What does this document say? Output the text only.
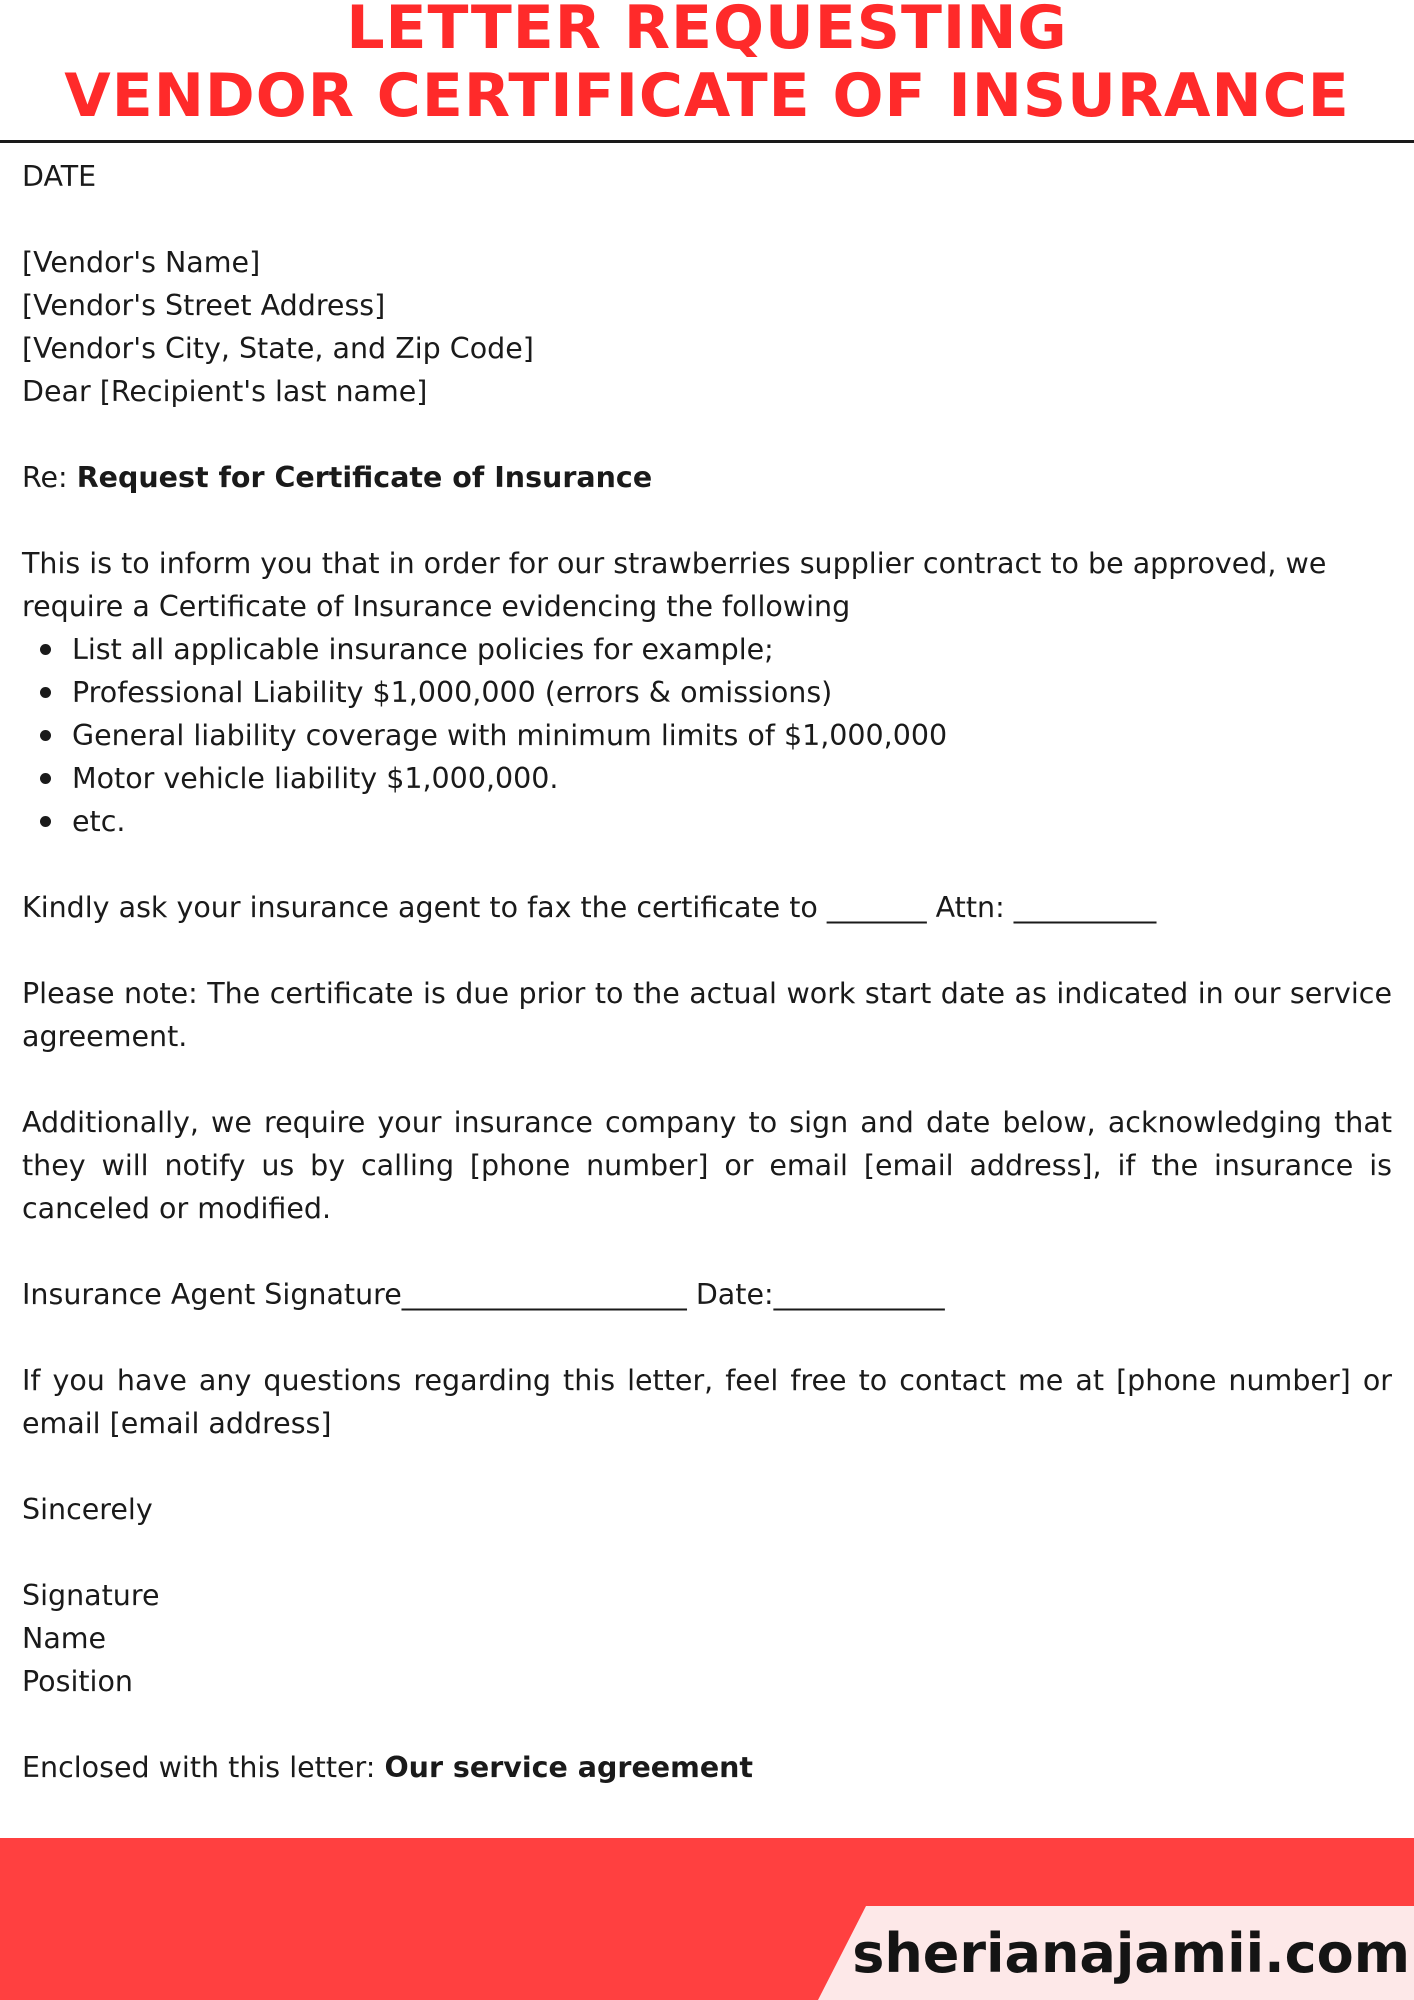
LETTER REQUESTING
VENDOR CERTIFICATE OF INSURANCE

DATE

[Vendor's Name]

[Vendor's Street Address]

[Vendor's City, State, and Zip Code]

Dear [Recipient's last name]

Re: Request for Certificate of Insurance

This is to inform you that in order for our strawberries supplier contract to be approved, we require a Certificate of Insurance evidencing the following

List all applicable insurance policies for example;
Professional Liability $1,000,000 (errors & omissions)
General liability coverage with minimum limits of $1,000,000
Motor vehicle liability $1,000,000.
etc.

Kindly ask your insurance agent to fax the certificate to _______ Attn: __________

Please note: The certificate is due prior to the actual work start date as indicated in our service agreement.

Additionally, we require your insurance company to sign and date below, acknowledging that they will notify us by calling [phone number] or email [email address], if the insurance is canceled or modified.

Insurance Agent Signature____________________ Date:____________

If you have any questions regarding this letter, feel free to contact me at [phone number] or email [email address]

Sincerely

Signature

Name

Position

Enclosed with this letter: Our service agreement

sherianajamii.com
